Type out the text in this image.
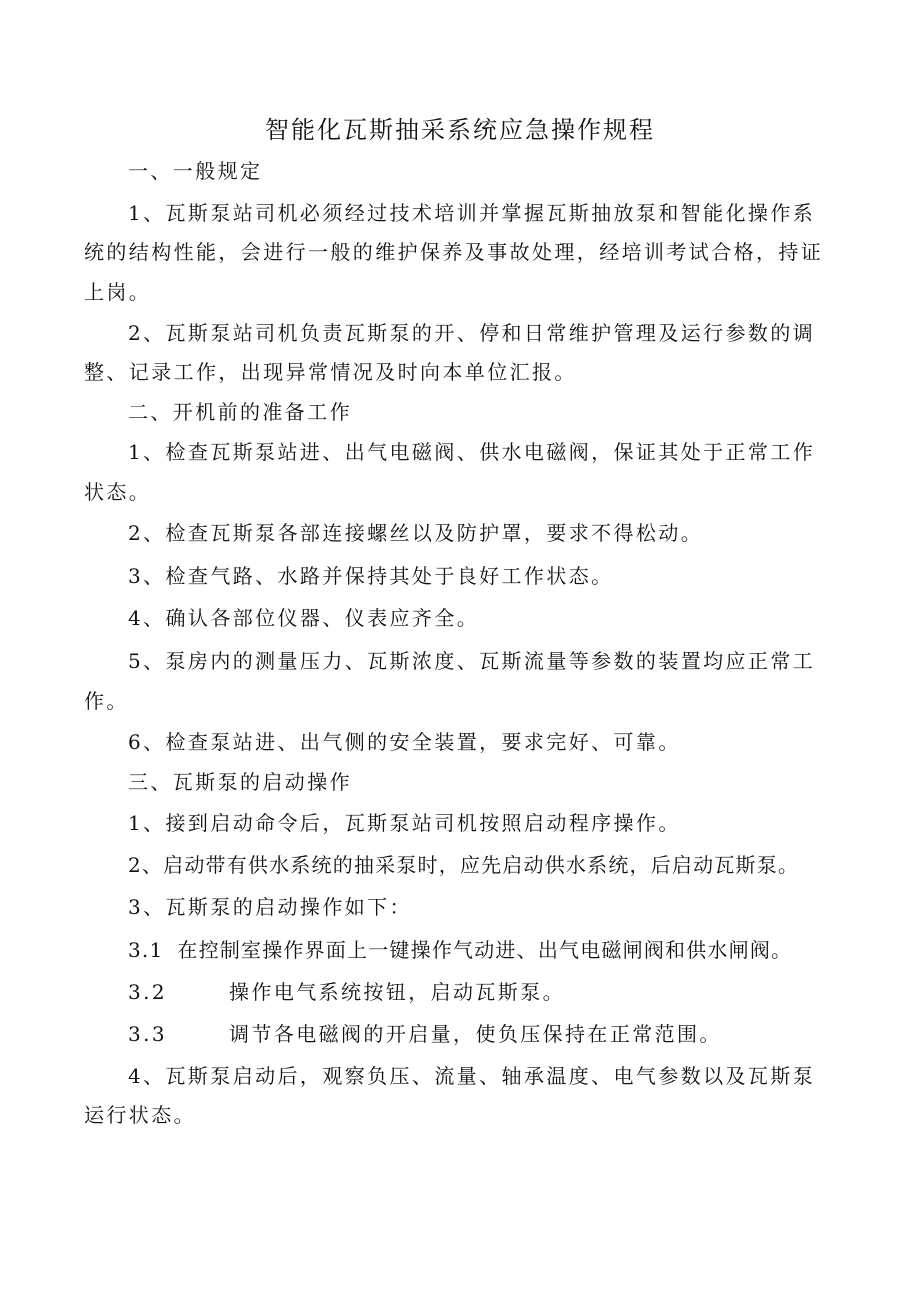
智能化瓦斯抽采系统应急操作规程
一、一般规定
1、瓦斯泵站司机必须经过技术培训并掌握瓦斯抽放泵和智能化操作系
统的结构性能，会进行一般的维护保养及事故处理，经培训考试合格，持证
上岗。
2、瓦斯泵站司机负责瓦斯泵的开、停和日常维护管理及运行参数的调
整、记录工作，出现异常情况及时向本单位汇报。
二、开机前的准备工作
1、检查瓦斯泵站进、出气电磁阀、供水电磁阀，保证其处于正常工作
状态。
2、检查瓦斯泵各部连接螺丝以及防护罩，要求不得松动。
3、检查气路、水路并保持其处于良好工作状态。
4、确认各部位仪器、仪表应齐全。
5、泵房内的测量压力、瓦斯浓度、瓦斯流量等参数的装置均应正常工
作。
6、检查泵站进、出气侧的安全装置，要求完好、可靠。
三、瓦斯泵的启动操作
1、接到启动命令后，瓦斯泵站司机按照启动程序操作。
2、启动带有供水系统的抽采泵时，应先启动供水系统，后启动瓦斯泵。
3、瓦斯泵的启动操作如下：
3.1 在控制室操作界面上一键操作气动进、出气电磁闸阀和供水闸阀。
3.2	操作电气系统按钮，启动瓦斯泵。
3.3	调节各电磁阀的开启量，使负压保持在正常范围。
4、瓦斯泵启动后，观察负压、流量、轴承温度、电气参数以及瓦斯泵
运行状态。
